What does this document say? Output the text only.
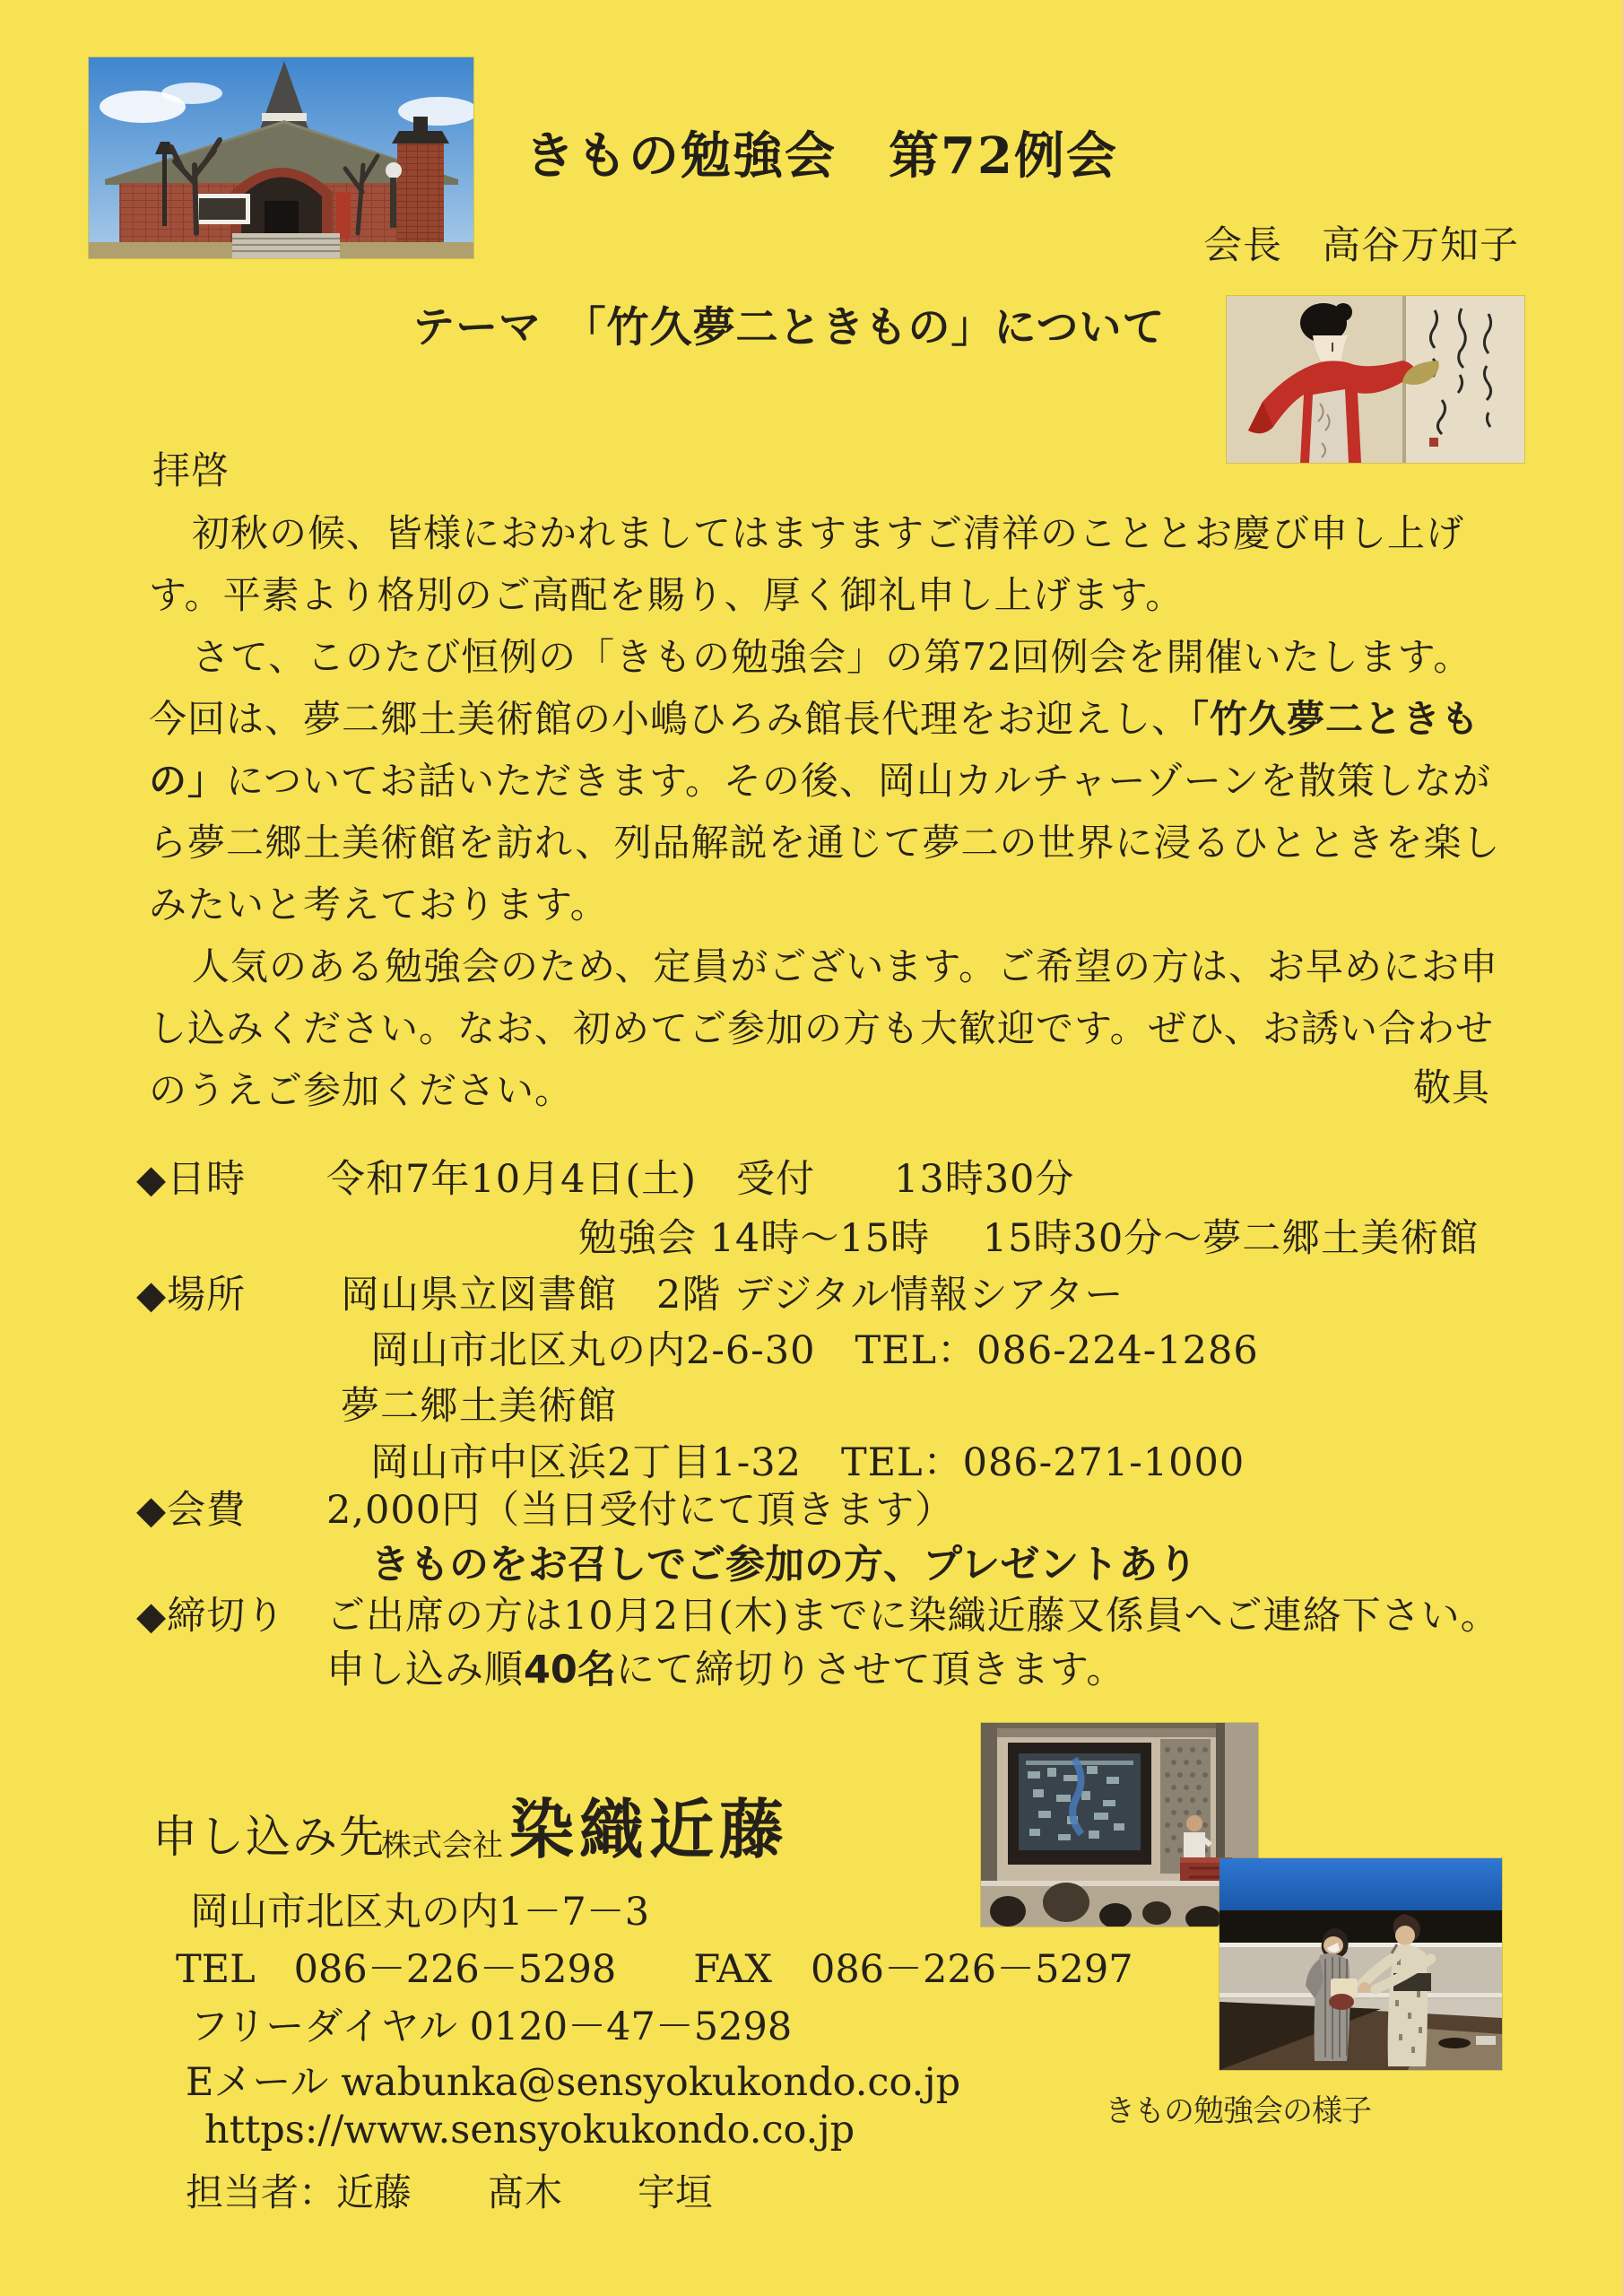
きもの勉強会　第72例会
会長　高谷万知子
テーマ　「竹久夢二ときもの」について
拝啓
初秋の候、皆様におかれましてはますますご清祥のこととお慶び申し上げ
す。平素より格別のご高配を賜り、厚く御礼申し上げます。
さて、このたび恒例の「きもの勉強会」の第72回例会を開催いたします。
今回は、夢二郷土美術館の小嶋ひろみ館長代理をお迎えし、「竹久夢二ときも
の」についてお話いただきます。その後、岡山カルチャーゾーンを散策しなが
ら夢二郷土美術館を訪れ、列品解説を通じて夢二の世界に浸るひとときを楽し
みたいと考えております。
人気のある勉強会のため、定員がございます。ご希望の方は、お早めにお申
し込みください。なお、初めてご参加の方も大歓迎です。ぜひ、お誘い合わせ
のうえご参加ください。	敬具
◆日時 令和7年10月4日(土)　受付　　13時30分
勉強会 14時～15時　 15時30分～夢二郷土美術館
◆場所 岡山県立図書館　2階 デジタル情報シアター
岡山市北区丸の内2-6-30　TEL：086-224-1286
夢二郷土美術館
岡山市中区浜2丁目1-32　TEL：086-271-1000
◆会費 2,000円（当日受付にて頂きます）
きものをお召しでご参加の方、プレゼントあり
◆締切り ご出席の方は10月2日(木)までに染織近藤又係員へご連絡下さい。
申し込み順40名にて締切りさせて頂きます。
申し込み先
株式会社 染織近藤
岡山市北区丸の内1－7－3
TEL　086－226－5298　　FAX　086－226－5297
フリーダイヤル 0120－47－5298
Eメール wabunka@sensyokukondo.co.jp
https://www.sensyokukondo.co.jp
担当者：近藤　　髙木　　宇垣
きもの勉強会の様子
